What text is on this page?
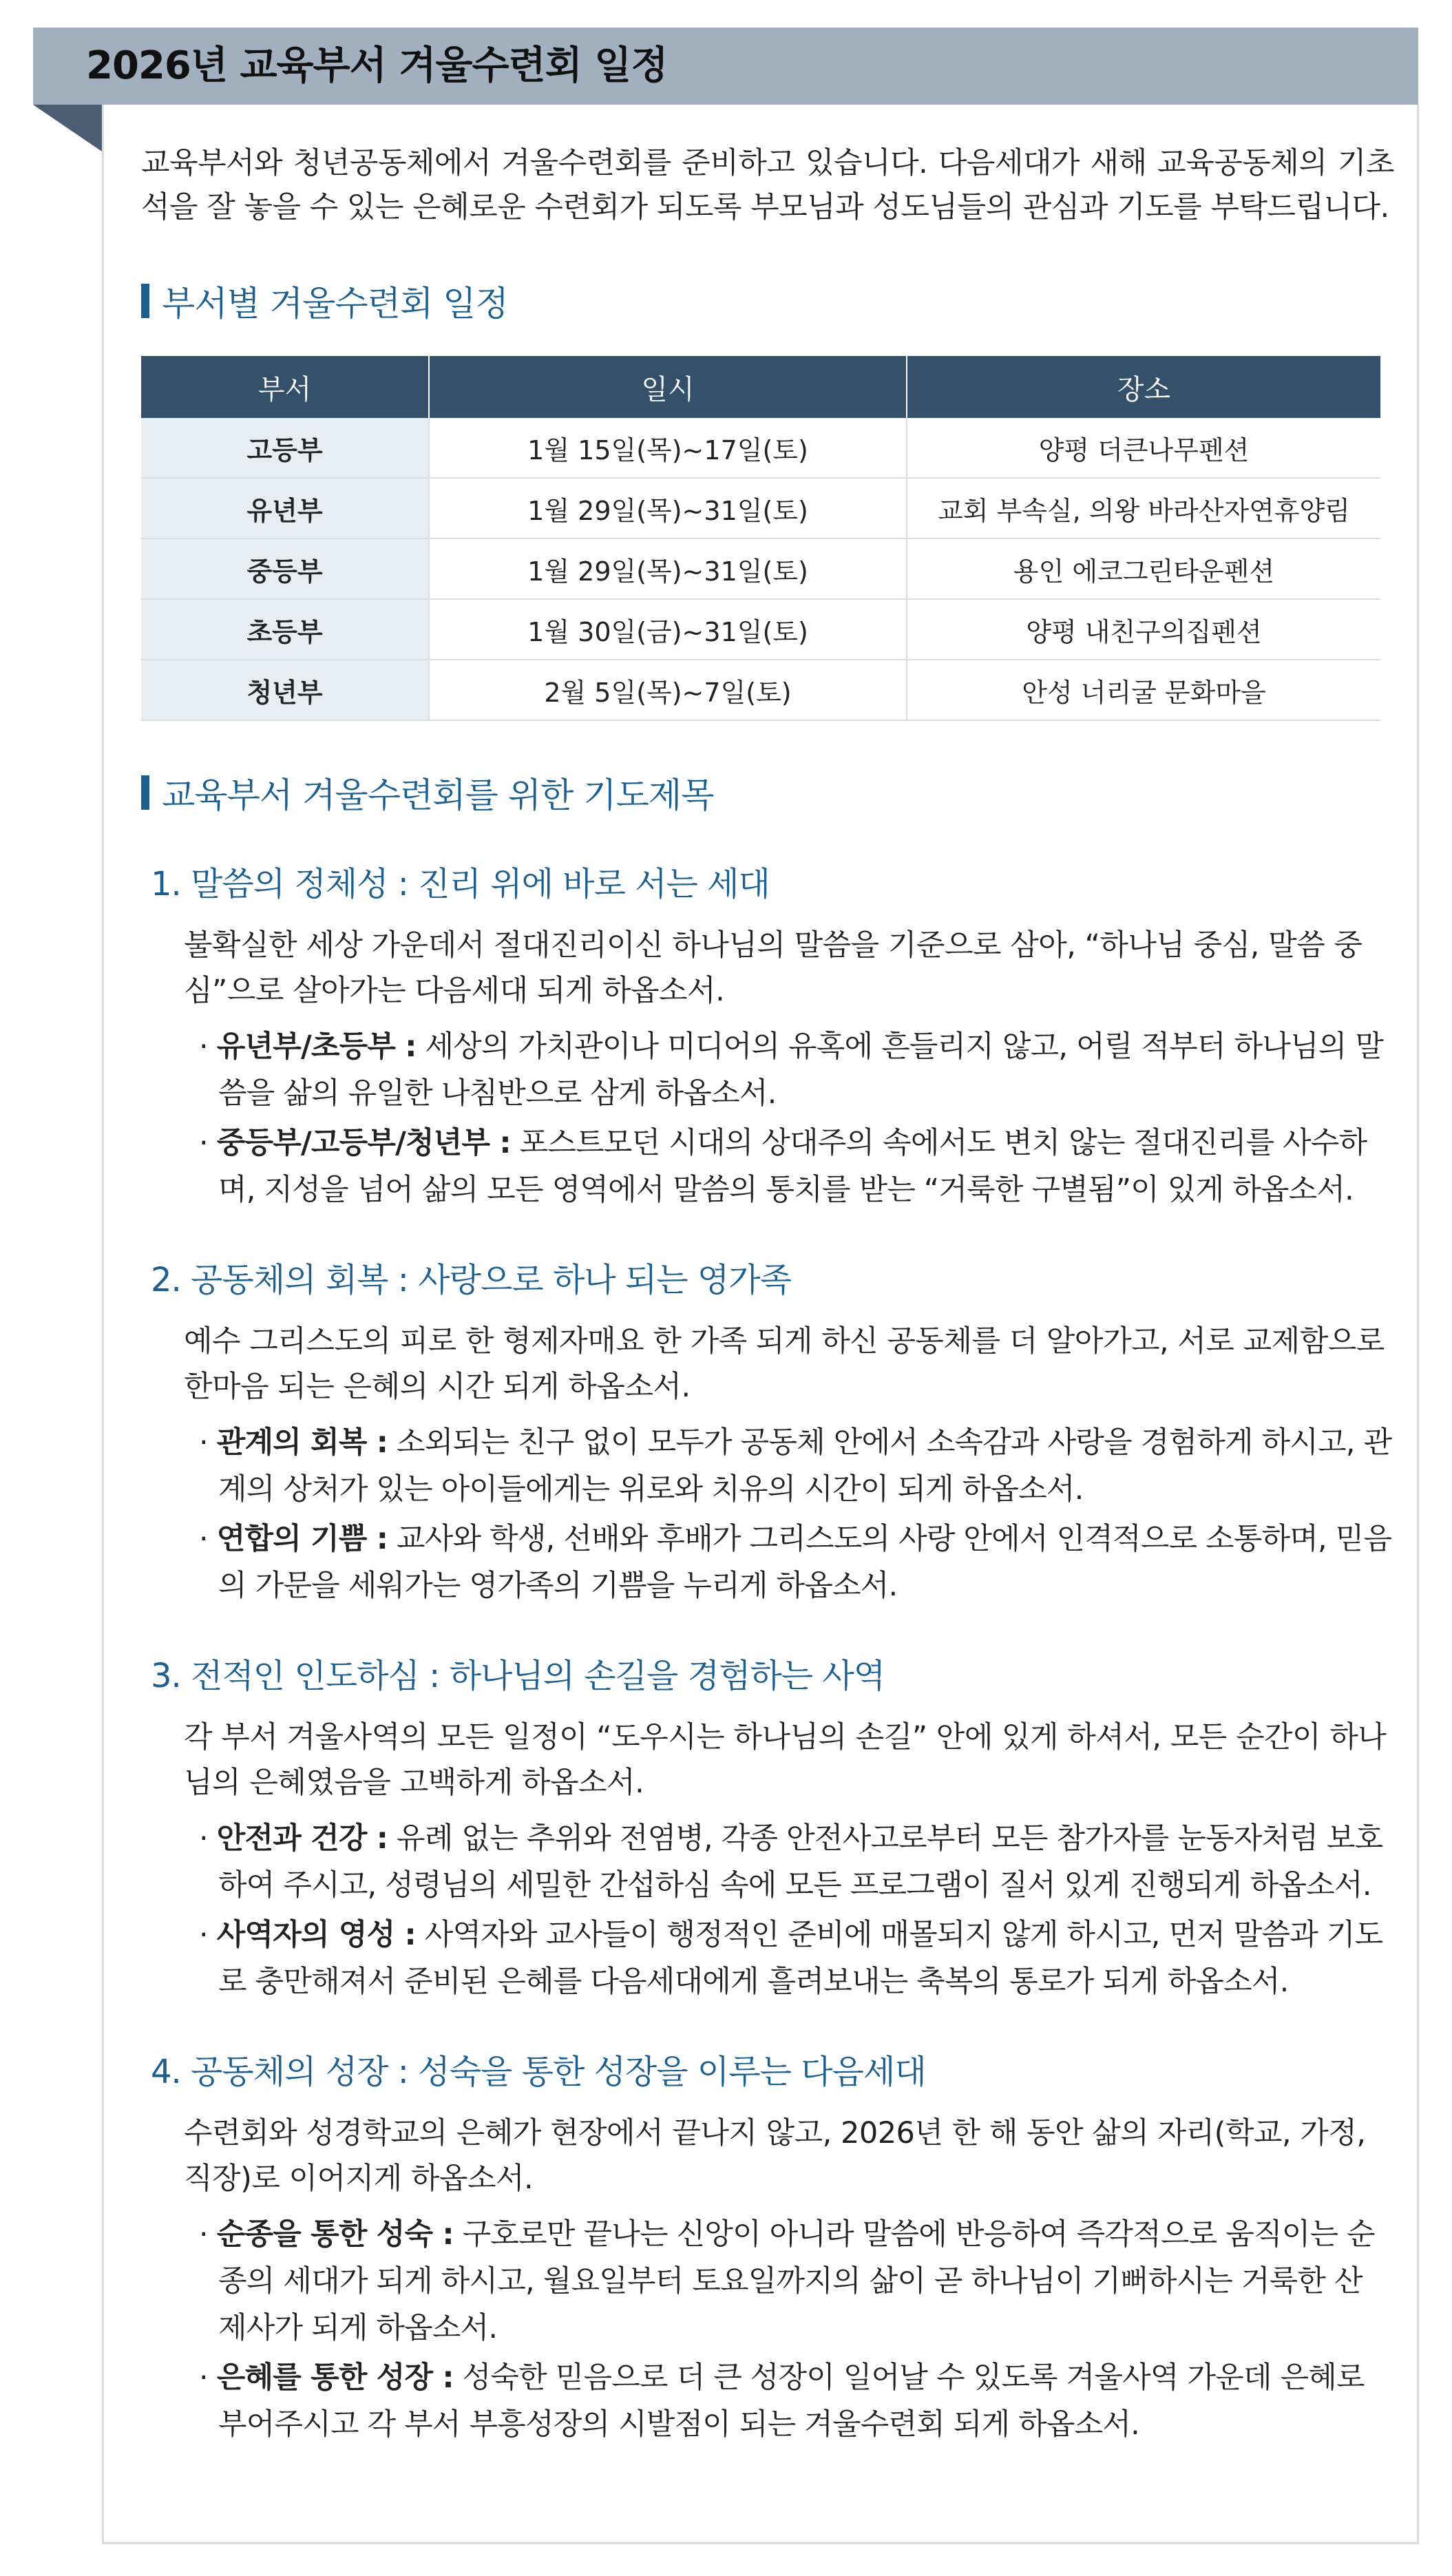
2026년 교육부서 겨울수련회 일정

교육부서와 청년공동체에서 겨울수련회를 준비하고 있습니다. 다음세대가 새해 교육공동체의 기초석을 잘 놓을 수 있는 은혜로운 수련회가 되도록 부모님과 성도님들의 관심과 기도를 부탁드립니다.

부서별 겨울수련회 일정
부서	일시	장소
고등부	1월 15일(목)~17일(토)	양평 더큰나무펜션
유년부	1월 29일(목)~31일(토)	교회 부속실, 의왕 바라산자연휴양림
중등부	1월 29일(목)~31일(토)	용인 에코그린타운펜션
초등부	1월 30일(금)~31일(토)	양평 내친구의집펜션
청년부	2월 5일(목)~7일(토)	안성 너리굴 문화마을
교육부서 겨울수련회를 위한 기도제목
1. 말씀의 정체성 : 진리 위에 바로 서는 세대

불확실한 세상 가운데서 절대진리이신 하나님의 말씀을 기준으로 삼아, “하나님 중심, 말씀 중심”으로 살아가는 다음세대 되게 하옵소서.

· 유년부/초등부 : 세상의 가치관이나 미디어의 유혹에 흔들리지 않고, 어릴 적부터 하나님의 말씀을 삶의 유일한 나침반으로 삼게 하옵소서.

· 중등부/고등부/청년부 : 포스트모던 시대의 상대주의 속에서도 변치 않는 절대진리를 사수하며, 지성을 넘어 삶의 모든 영역에서 말씀의 통치를 받는 “거룩한 구별됨”이 있게 하옵소서.

2. 공동체의 회복 : 사랑으로 하나 되는 영가족

예수 그리스도의 피로 한 형제자매요 한 가족 되게 하신 공동체를 더 알아가고, 서로 교제함으로 한마음 되는 은혜의 시간 되게 하옵소서.

· 관계의 회복 : 소외되는 친구 없이 모두가 공동체 안에서 소속감과 사랑을 경험하게 하시고, 관계의 상처가 있는 아이들에게는 위로와 치유의 시간이 되게 하옵소서.

· 연합의 기쁨 : 교사와 학생, 선배와 후배가 그리스도의 사랑 안에서 인격적으로 소통하며, 믿음의 가문을 세워가는 영가족의 기쁨을 누리게 하옵소서.

3. 전적인 인도하심 : 하나님의 손길을 경험하는 사역

각 부서 겨울사역의 모든 일정이 “도우시는 하나님의 손길” 안에 있게 하셔서, 모든 순간이 하나님의 은혜였음을 고백하게 하옵소서.

· 안전과 건강 : 유례 없는 추위와 전염병, 각종 안전사고로부터 모든 참가자를 눈동자처럼 보호하여 주시고, 성령님의 세밀한 간섭하심 속에 모든 프로그램이 질서 있게 진행되게 하옵소서.

· 사역자의 영성 : 사역자와 교사들이 행정적인 준비에 매몰되지 않게 하시고, 먼저 말씀과 기도로 충만해져서 준비된 은혜를 다음세대에게 흘려보내는 축복의 통로가 되게 하옵소서.

4. 공동체의 성장 : 성숙을 통한 성장을 이루는 다음세대

수련회와 성경학교의 은혜가 현장에서 끝나지 않고, 2026년 한 해 동안 삶의 자리(학교, 가정, 직장)로 이어지게 하옵소서.

· 순종을 통한 성숙 : 구호로만 끝나는 신앙이 아니라 말씀에 반응하여 즉각적으로 움직이는 순종의 세대가 되게 하시고, 월요일부터 토요일까지의 삶이 곧 하나님이 기뻐하시는 거룩한 산 제사가 되게 하옵소서.

· 은혜를 통한 성장 : 성숙한 믿음으로 더 큰 성장이 일어날 수 있도록 겨울사역 가운데 은혜로 부어주시고 각 부서 부흥성장의 시발점이 되는 겨울수련회 되게 하옵소서.
